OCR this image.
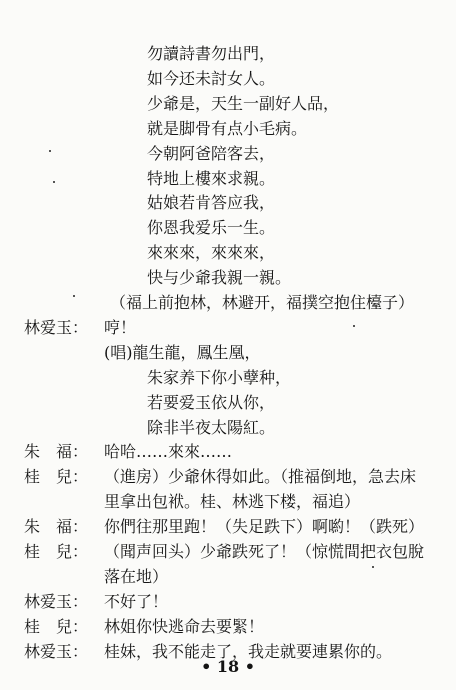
勿讀詩書勿出門，
如今还未討女人。
少爺是，天生一副好人品，
就是脚骨有点小毛病。
今朝阿爸陪客去，
特地上樓來求親。
姑娘若肯答应我，
你恩我爱乐一生。
來來來，來來來，
快与少爺我親一親。
（福上前抱林，林避开，福撲空抱住檯子）
林爱玉： 哼！
(唱)龍生龍，鳳生凰，
朱家养下你小孽种，
若要爱玉依从你，
除非半夜太陽紅。
朱　福： 哈哈……來來……
桂　兒： （進房）少爺休得如此。（推福倒地，急去床
里拿出包袱。桂、林逃下楼，福追）
朱　福： 你們往那里跑！（失足跌下）啊喲！（跌死）
桂　兒： （聞声回头）少爺跌死了！（惊慌間把衣包脫
落在地）
林爱玉： 不好了！
桂　兒： 林姐你快逃命去要緊！
林爱玉： 桂妹，我不能走了，我走就要連累你的。
• 18 •
